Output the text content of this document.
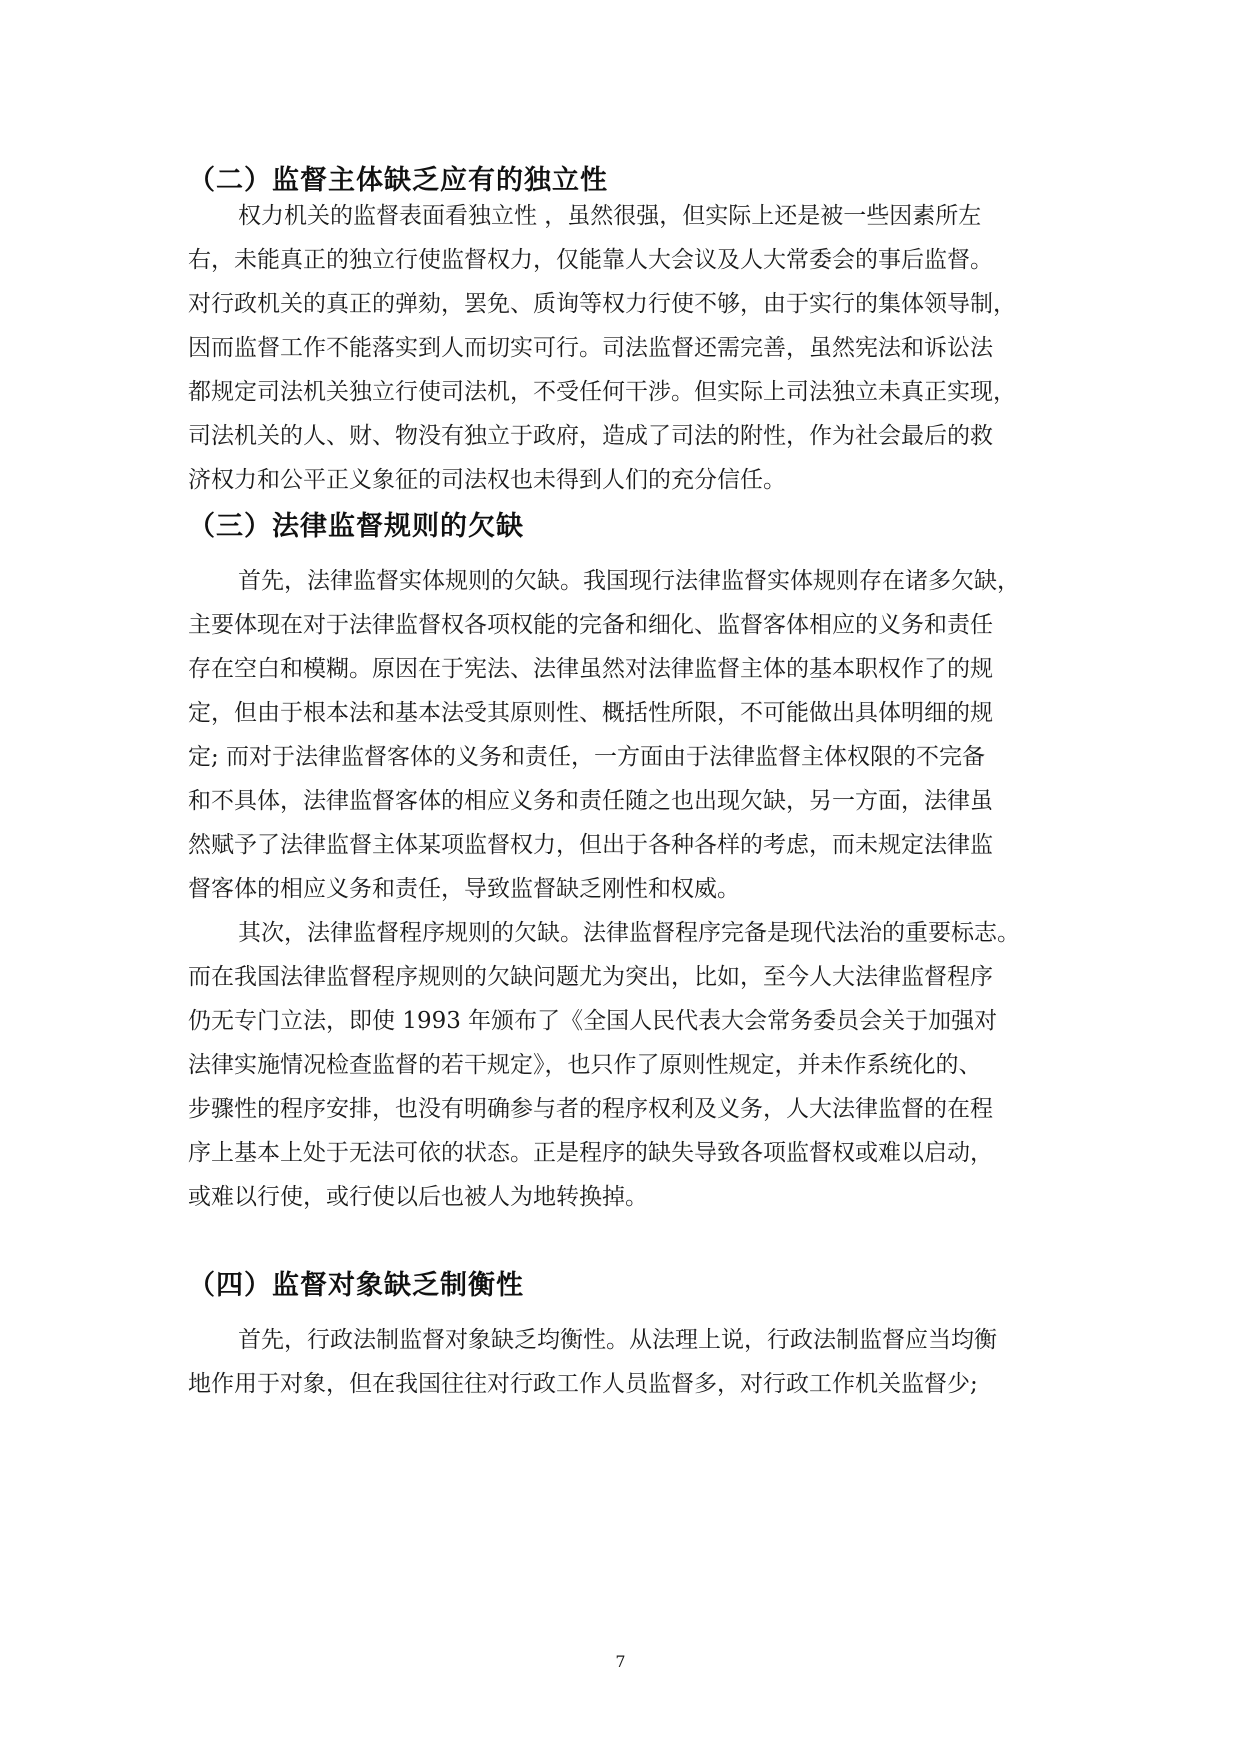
（二）监督主体缺乏应有的独立性

权力机关的监督表面看独立性 ，虽然很强，但实际上还是被一些因素所左

右，未能真正的独立行使监督权力，仅能靠人大会议及人大常委会的事后监督。

对行政机关的真正的弹劾，罢免、质询等权力行使不够，由于实行的集体领导制，

因而监督工作不能落实到人而切实可行。司法监督还需完善，虽然宪法和诉讼法

都规定司法机关独立行使司法机，不受任何干涉。但实际上司法独立未真正实现，

司法机关的人、财、物没有独立于政府，造成了司法的附性，作为社会最后的救

济权力和公平正义象征的司法权也未得到人们的充分信任。

（三）法律监督规则的欠缺

首先，法律监督实体规则的欠缺。我国现行法律监督实体规则存在诸多欠缺，

主要体现在对于法律监督权各项权能的完备和细化、监督客体相应的义务和责任

存在空白和模糊。原因在于宪法、法律虽然对法律监督主体的基本职权作了的规

定，但由于根本法和基本法受其原则性、概括性所限，不可能做出具体明细的规

定; 而对于法律监督客体的义务和责任，一方面由于法律监督主体权限的不完备

和不具体，法律监督客体的相应义务和责任随之也出现欠缺，另一方面，法律虽

然赋予了法律监督主体某项监督权力，但出于各种各样的考虑，而未规定法律监

督客体的相应义务和责任，导致监督缺乏刚性和权威。

其次，法律监督程序规则的欠缺。法律监督程序完备是现代法治的重要标志。

而在我国法律监督程序规则的欠缺问题尤为突出，比如，至今人大法律监督程序

仍无专门立法，即使 1993 年颁布了《全国人民代表大会常务委员会关于加强对

法律实施情况检查监督的若干规定》，也只作了原则性规定，并未作系统化的、

步骤性的程序安排，也没有明确参与者的程序权利及义务，人大法律监督的在程

序上基本上处于无法可依的状态。正是程序的缺失导致各项监督权或难以启动，

或难以行使，或行使以后也被人为地转换掉。

（四）监督对象缺乏制衡性

首先，行政法制监督对象缺乏均衡性。从法理上说，行政法制监督应当均衡

地作用于对象，但在我国往往对行政工作人员监督多，对行政工作机关监督少;

7
